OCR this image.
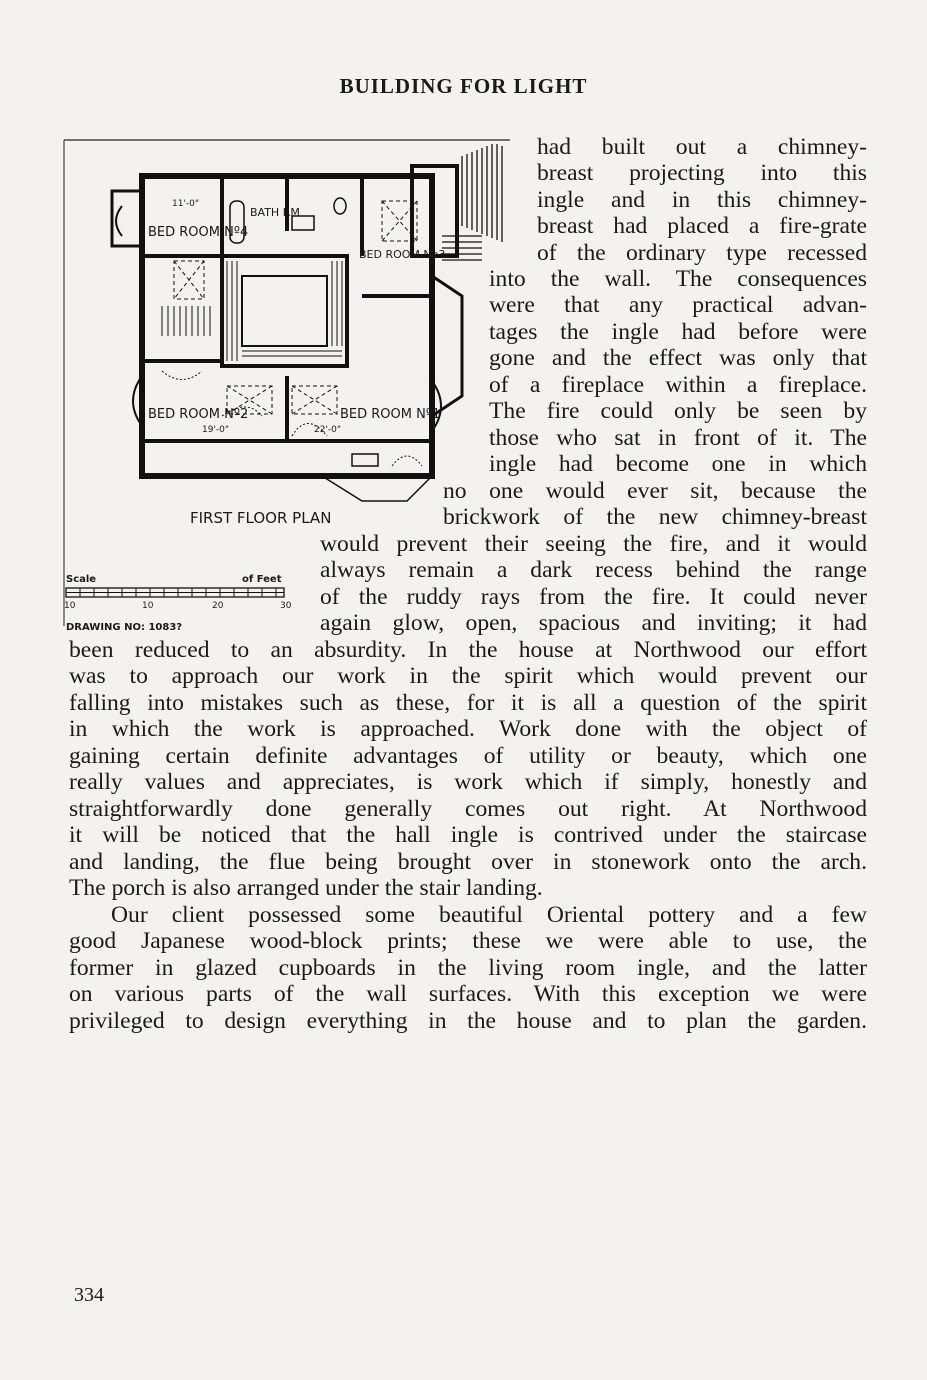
BUILDING FOR LIGHT
BED ROOM Nº4
11'-0"
BATH RM
BED ROOM No3
BED ROOM Nº2
19'-0"
BED ROOM Nº1
22'-0"
FIRST FLOOR PLAN
Scale	of Feet
10	10	20	30
DRAWING NO: 1083?
had built out a chimney-
breast projecting into this
ingle and in this chimney-
breast had placed a fire-grate
of the ordinary type recessed
into the wall. The consequences
were that any practical advan-
tages the ingle had before were
gone and the effect was only that
of a fireplace within a fireplace.
The fire could only be seen by
those who sat in front of it. The
ingle had become one in which
no one would ever sit, because the
brickwork of the new chimney-breast
would prevent their seeing the fire, and it would
always remain a dark recess behind the range
of the ruddy rays from the fire. It could never
again glow, open, spacious and inviting; it had
been reduced to an absurdity. In the house at Northwood our effort
was to approach our work in the spirit which would prevent our
falling into mistakes such as these, for it is all a question of the spirit
in which the work is approached. Work done with the object of
gaining certain definite advantages of utility or beauty, which one
really values and appreciates, is work which if simply, honestly and
straightforwardly done generally comes out right. At Northwood
it will be noticed that the hall ingle is contrived under the staircase
and landing, the flue being brought over in stonework onto the arch.
The porch is also arranged under the stair landing.
Our client possessed some beautiful Oriental pottery and a few
good Japanese wood-block prints; these we were able to use, the
former in glazed cupboards in the living room ingle, and the latter
on various parts of the wall surfaces. With this exception we were
privileged to design everything in the house and to plan the garden.
334
